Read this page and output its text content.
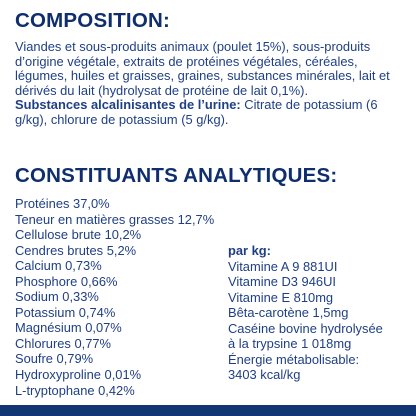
COMPOSITION:

Viandes et sous-produits animaux (poulet 15%), sous-produits d’origine végétale, extraits de protéines végétales, céréales, légumes, huiles et graisses, graines, substances minérales, lait et dérivés du lait (hydrolysat de protéine de lait 0,1%).

Substances alcalinisantes de l’urine: Citrate de potassium (6 g/kg), chlorure de potassium (5 g/kg).

CONSTITUANTS ANALYTIQUES:
Protéines 37,0%
Teneur en matières grasses 12,7%
Cellulose brute 10,2%
Cendres brutes 5,2%
Calcium 0,73%
Phosphore 0,66%
Sodium 0,33%
Potassium 0,74%
Magnésium 0,07%
Chlorures 0,77%
Soufre 0,79%
Hydroxyproline 0,01%
L-tryptophane 0,42%
par kg:
Vitamine A 9 881UI
Vitamine D3 946UI
Vitamine E 810mg
Bêta-carotène 1,5mg
Caséine bovine hydrolysée
à la trypsine 1 018mg
Énergie métabolisable:
3403 kcal/kg
